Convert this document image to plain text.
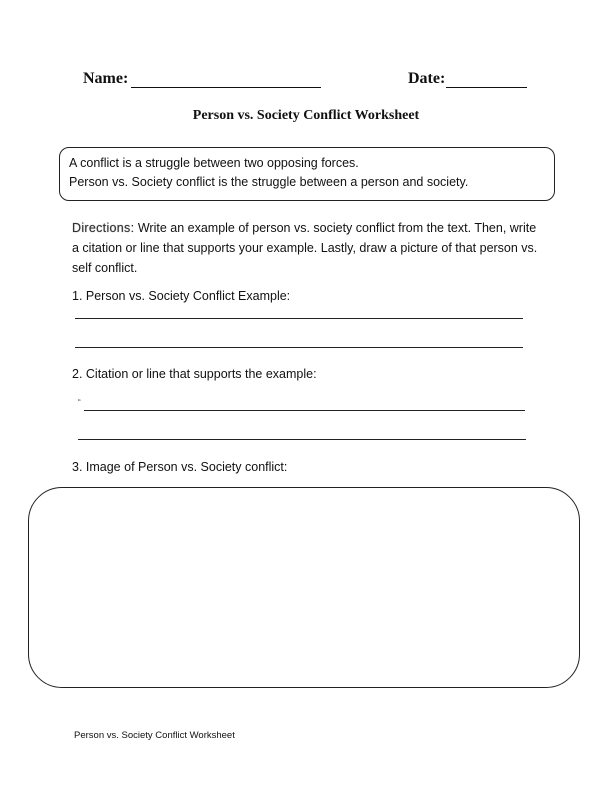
Name:	Date:
Person vs. Society Conflict Worksheet
A conflict is a struggle between two opposing forces.
Person vs. Society conflict is the struggle between a person and society.
Directions: Write an example of person vs. society conflict from the text. Then, write a citation or line that supports your example. Lastly, draw a picture of that person vs. self conflict.
1. Person vs. Society Conflict Example:
2. Citation or line that supports the example:
“
3. Image of Person vs. Society conflict:
Person vs. Society Conflict Worksheet
